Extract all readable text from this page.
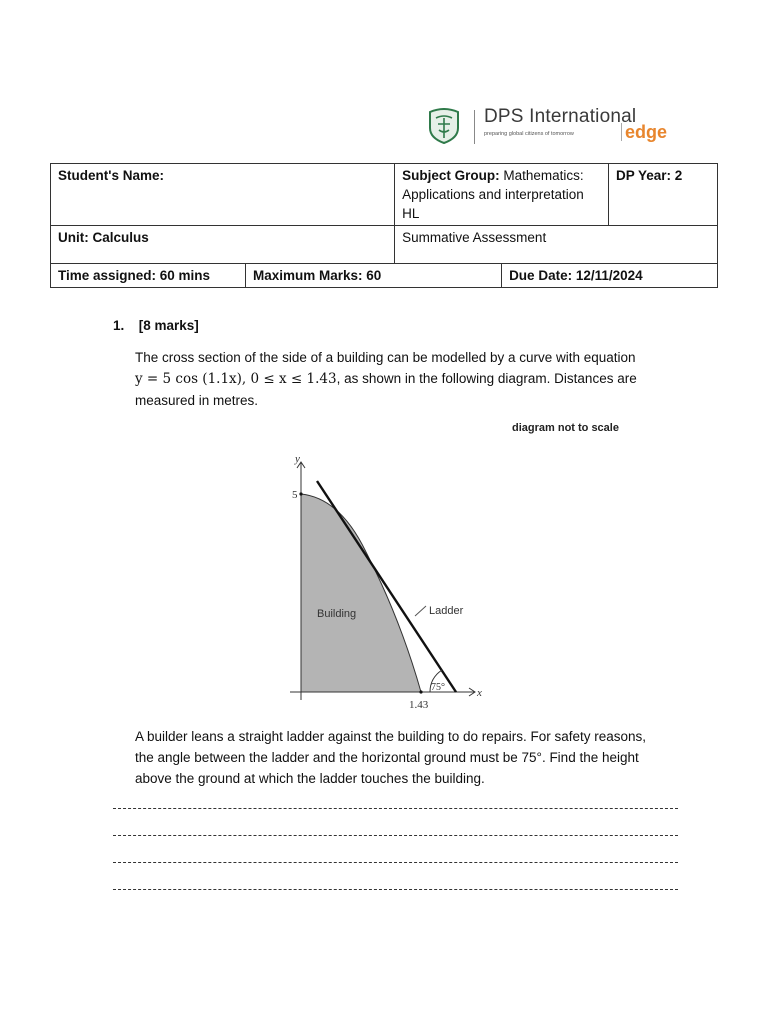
DPS International
preparing global citizens of tomorrow	edge
Student's Name:		Subject Group: Mathematics: Applications and interpretation HL		DP Year: 2
Unit: Calculus		Summative Assessment		
Time assigned: 60 mins	Maximum Marks: 60		Due Date: 12/11/2024	
1. [8 marks]
The cross section of the side of a building can be modelled by a curve with equation
y = 5 cos (1.1x), 0 ≤ x ≤ 1.43, as shown in the following diagram. Distances are measured in metres.
diagram not to scale
y
x
5
1.43
Building	Ladder
75°
A builder leans a straight ladder against the building to do repairs. For safety reasons, the angle between the ladder and the horizontal ground must be 75°. Find the height above the ground at which the ladder touches the building.
